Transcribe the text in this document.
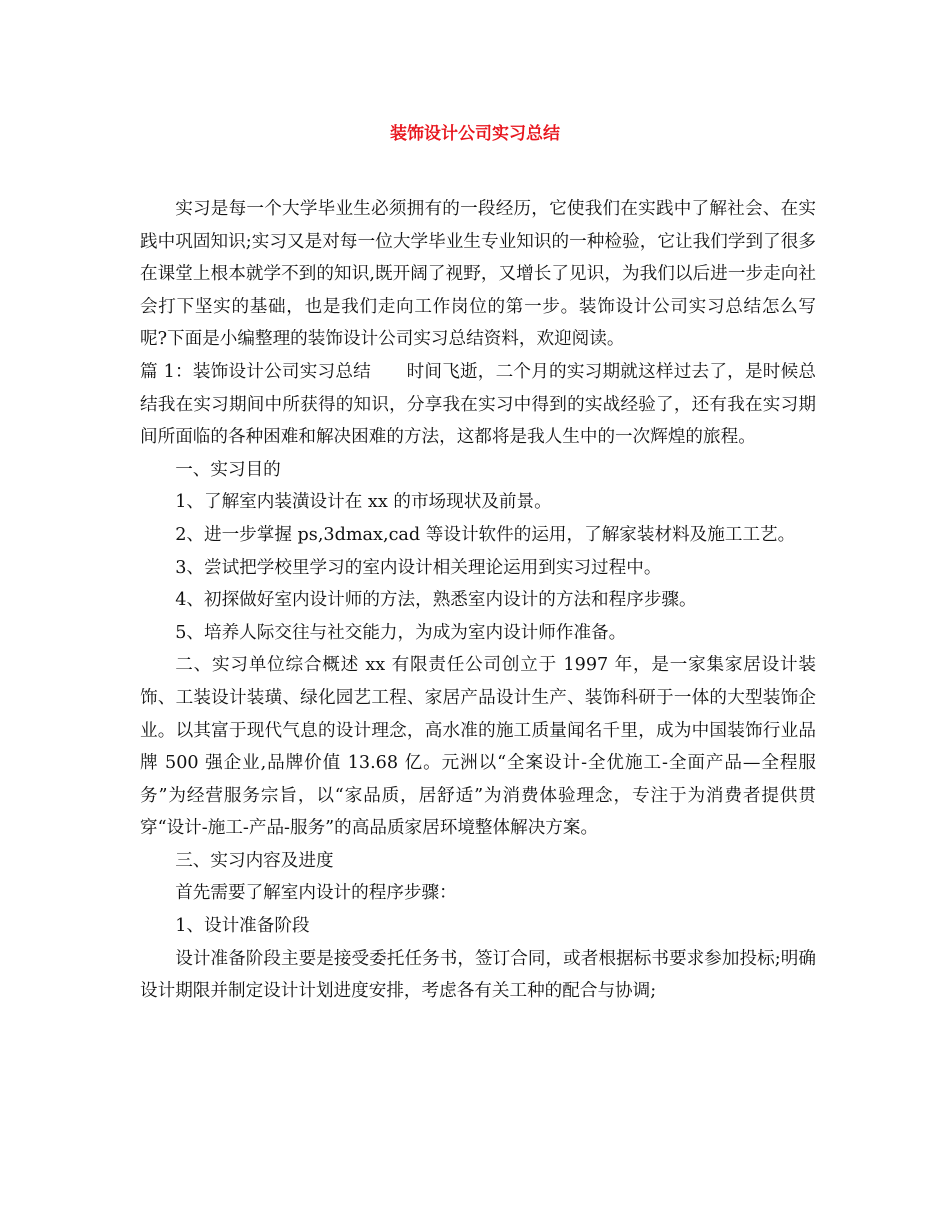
装饰设计公司实习总结

实习是每一个大学毕业生必须拥有的一段经历，它使我们在实践中了解社会、在实践中巩固知识;实习又是对每一位大学毕业生专业知识的一种检验，它让我们学到了很多在课堂上根本就学不到的知识,既开阔了视野，又增长了见识，为我们以后进一步走向社会打下坚实的基础，也是我们走向工作岗位的第一步。装饰设计公司实习总结怎么写呢?下面是小编整理的装饰设计公司实习总结资料，欢迎阅读。

篇 1：装饰设计公司实习总结　　时间飞逝，二个月的实习期就这样过去了，是时候总结我在实习期间中所获得的知识，分享我在实习中得到的实战经验了，还有我在实习期间所面临的各种困难和解决困难的方法，这都将是我人生中的一次辉煌的旅程。

一、实习目的

1、了解室内装潢设计在 xx 的市场现状及前景。

2、进一步掌握 ps,3dmax,cad 等设计软件的运用，了解家装材料及施工工艺。

3、尝试把学校里学习的室内设计相关理论运用到实习过程中。

4、初探做好室内设计师的方法，熟悉室内设计的方法和程序步骤。

5、培养人际交往与社交能力，为成为室内设计师作准备。

二、实习单位综合概述 xx 有限责任公司创立于 1997 年，是一家集家居设计装饰、工装设计装璜、绿化园艺工程、家居产品设计生产、装饰科研于一体的大型装饰企业。以其富于现代气息的设计理念，高水准的施工质量闻名千里，成为中国装饰行业品牌 500 强企业,品牌价值 13.68 亿。元洲以“全案设计-全优施工-全面产品—全程服务”为经营服务宗旨，以“家品质，居舒适”为消费体验理念，专注于为消费者提供贯穿“设计-施工-产品-服务”的高品质家居环境整体解决方案。

三、实习内容及进度

首先需要了解室内设计的程序步骤：

1、设计准备阶段

设计准备阶段主要是接受委托任务书，签订合同，或者根据标书要求参加投标;明确设计期限并制定设计计划进度安排，考虑各有关工种的配合与协调;
